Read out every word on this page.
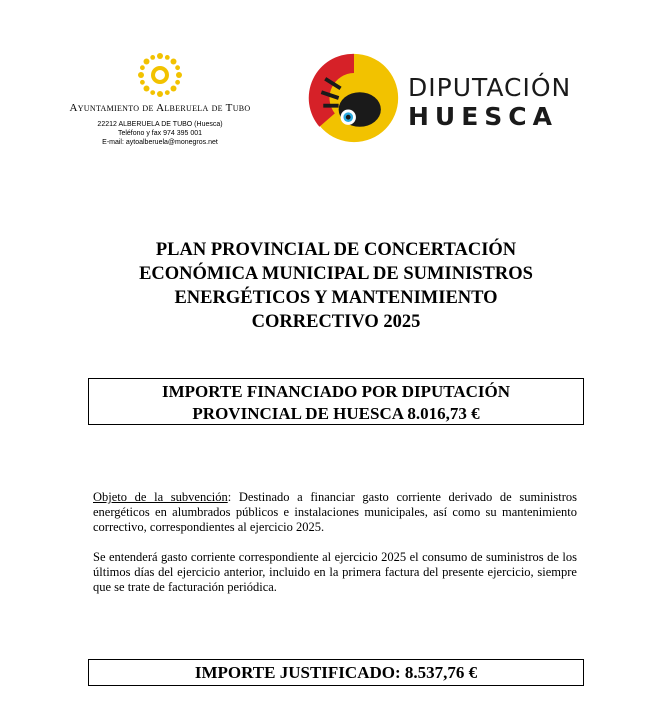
Ayuntamiento de Alberuela de Tubo
22212 ALBERUELA DE TUBO (Huesca)
Teléfono y fax 974 395 001
E-mail: aytoalberuela@monegros.net
DIPUTACIÓN
HUESCA
PLAN PROVINCIAL DE CONCERTACIÓN
ECONÓMICA MUNICIPAL DE SUMINISTROS
ENERGÉTICOS Y MANTENIMIENTO
CORRECTIVO 2025
IMPORTE FINANCIADO POR DIPUTACIÓN
PROVINCIAL DE HUESCA 8.016,73 €
Objeto de la subvención: Destinado a financiar gasto corriente derivado de suministros energéticos en alumbrados públicos e instalaciones municipales, así como su mantenimiento correctivo, correspondientes al ejercicio 2025.
Se entenderá gasto corriente correspondiente al ejercicio 2025 el consumo de suministros de los últimos días del ejercicio anterior, incluido en la primera factura del presente ejercicio, siempre que se trate de facturación periódica.
IMPORTE JUSTIFICADO: 8.537,76 €
